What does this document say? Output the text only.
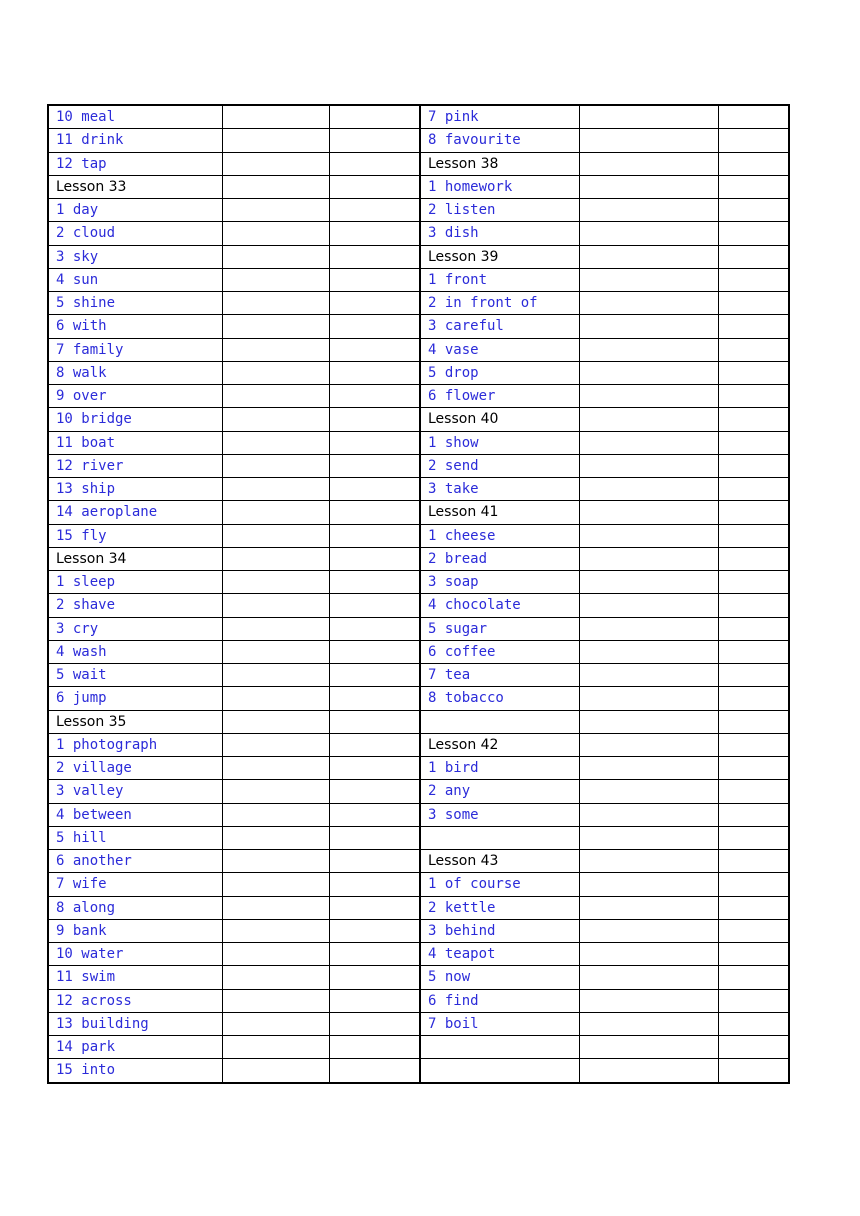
10 meal			7 pink		
11 drink			8 favourite		
12 tap			Lesson 38		
Lesson 33			1 homework		
1 day			2 listen		
2 cloud			3 dish		
3 sky			Lesson 39		
4 sun			1 front		
5 shine			2 in front of		
6 with			3 careful		
7 family			4 vase		
8 walk			5 drop		
9 over			6 flower		
10 bridge			Lesson 40		
11 boat			1 show		
12 river			2 send		
13 ship			3 take		
14 aeroplane			Lesson 41		
15 fly			1 cheese		
Lesson 34			2 bread		
1 sleep			3 soap		
2 shave			4 chocolate		
3 cry			5 sugar		
4 wash			6 coffee		
5 wait			7 tea		
6 jump			8 tobacco		
Lesson 35					
1 photograph			Lesson 42		
2 village			1 bird		
3 valley			2 any		
4 between			3 some		
5 hill					
6 another			Lesson 43		
7 wife			1 of course		
8 along			2 kettle		
9 bank			3 behind		
10 water			4 teapot		
11 swim			5 now		
12 across			6 find		
13 building			7 boil		
14 park					
15 into					
